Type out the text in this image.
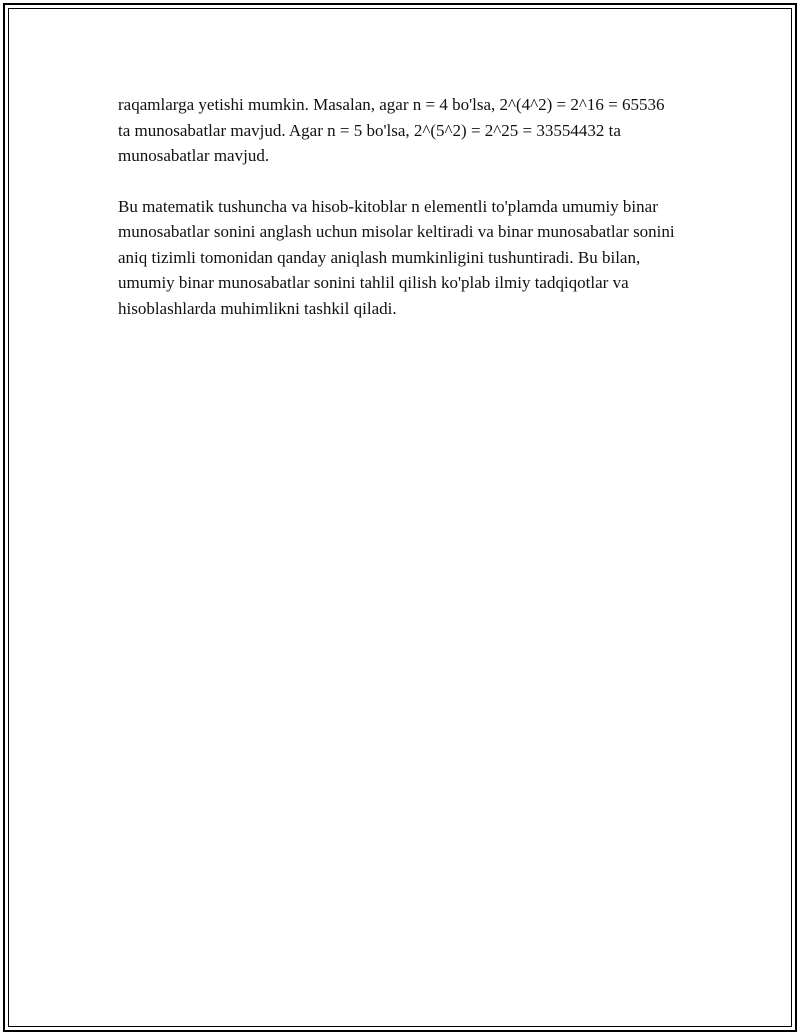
raqamlarga yetishi mumkin. Masalan, agar n = 4 bo'lsa, 2^(4^2) = 2^16 = 65536 ta munosabatlar mavjud. Agar n = 5 bo'lsa, 2^(5^2) = 2^25 = 33554432 ta munosabatlar mavjud.

Bu matematik tushuncha va hisob-kitoblar n elementli to'plamda umumiy binar munosabatlar sonini anglash uchun misolar keltiradi va binar munosabatlar sonini aniq tizimli tomonidan qanday aniqlash mumkinligini tushuntiradi. Bu bilan, umumiy binar munosabatlar sonini tahlil qilish ko'plab ilmiy tadqiqotlar va hisoblashlarda muhimlikni tashkil qiladi.
